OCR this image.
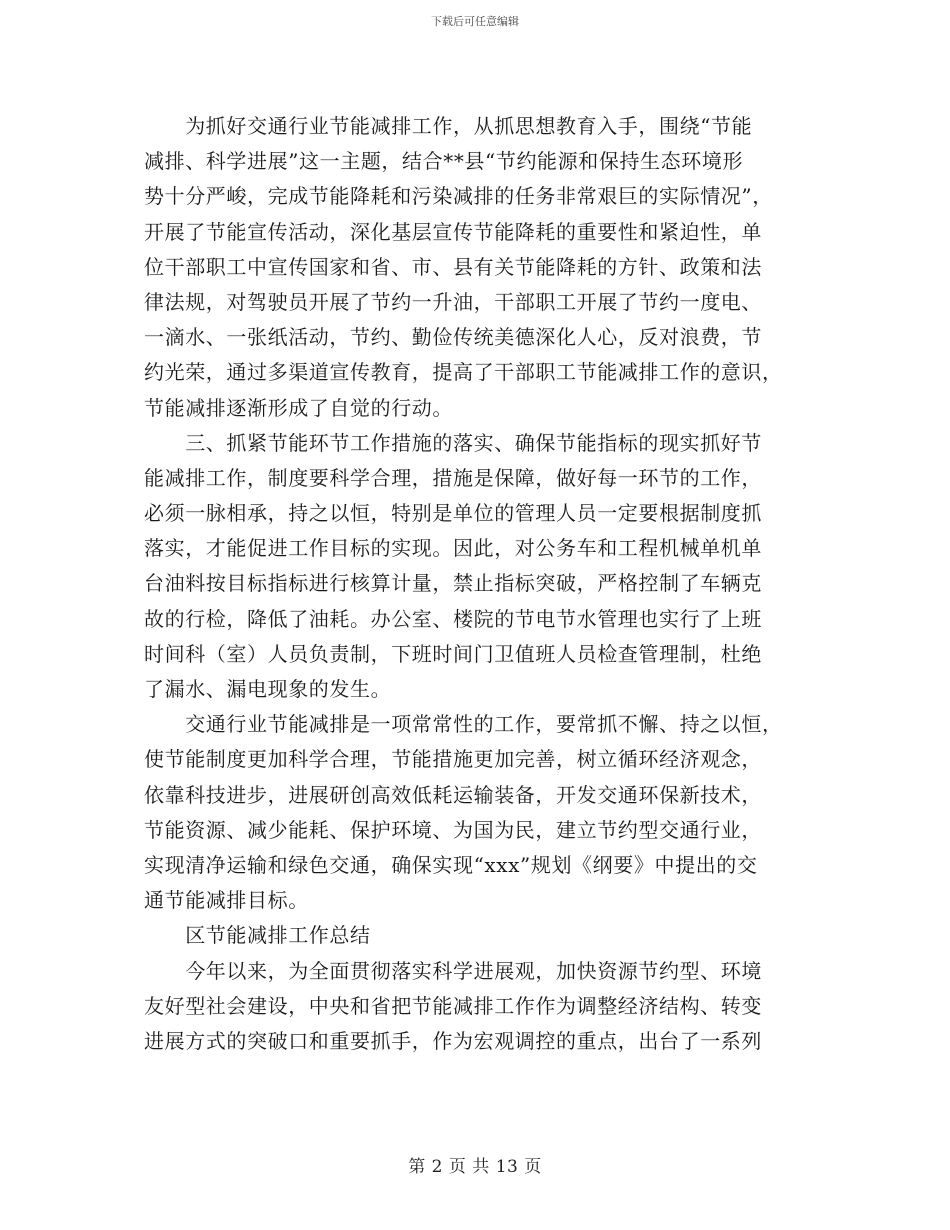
下载后可任意编辑

　　为抓好交通行业节能减排工作，从抓思想教育入手，围绕“节能
减排、科学进展”这一主题，结合**县“节约能源和保持生态环境形
势十分严峻，完成节能降耗和污染减排的任务非常艰巨的实际情况”，
开展了节能宣传活动，深化基层宣传节能降耗的重要性和紧迫性，单
位干部职工中宣传国家和省、市、县有关节能降耗的方针、政策和法
律法规，对驾驶员开展了节约一升油，干部职工开展了节约一度电、
一滴水、一张纸活动，节约、勤俭传统美德深化人心，反对浪费，节
约光荣，通过多渠道宣传教育，提高了干部职工节能减排工作的意识，
节能减排逐渐形成了自觉的行动。

　　三、抓紧节能环节工作措施的落实、确保节能指标的现实抓好节
能减排工作，制度要科学合理，措施是保障，做好每一环节的工作，
必须一脉相承，持之以恒，特别是单位的管理人员一定要根据制度抓
落实，才能促进工作目标的实现。因此，对公务车和工程机械单机单
台油料按目标指标进行核算计量，禁止指标突破，严格控制了车辆克
故的行检，降低了油耗。办公室、楼院的节电节水管理也实行了上班
时间科（室）人员负责制，下班时间门卫值班人员检查管理制，杜绝
了漏水、漏电现象的发生。

　　交通行业节能减排是一项常常性的工作，要常抓不懈、持之以恒，
使节能制度更加科学合理，节能措施更加完善，树立循环经济观念，
依靠科技进步，进展研创高效低耗运输装备，开发交通环保新技术，
节能资源、减少能耗、保护环境、为国为民，建立节约型交通行业，
实现清净运输和绿色交通，确保实现“xxx”规划《纲要》中提出的交
通节能减排目标。

　　区节能减排工作总结

　　今年以来，为全面贯彻落实科学进展观，加快资源节约型、环境
友好型社会建设，中央和省把节能减排工作作为调整经济结构、转变
进展方式的突破口和重要抓手，作为宏观调控的重点，出台了一系列

第 2 页 共 13 页
